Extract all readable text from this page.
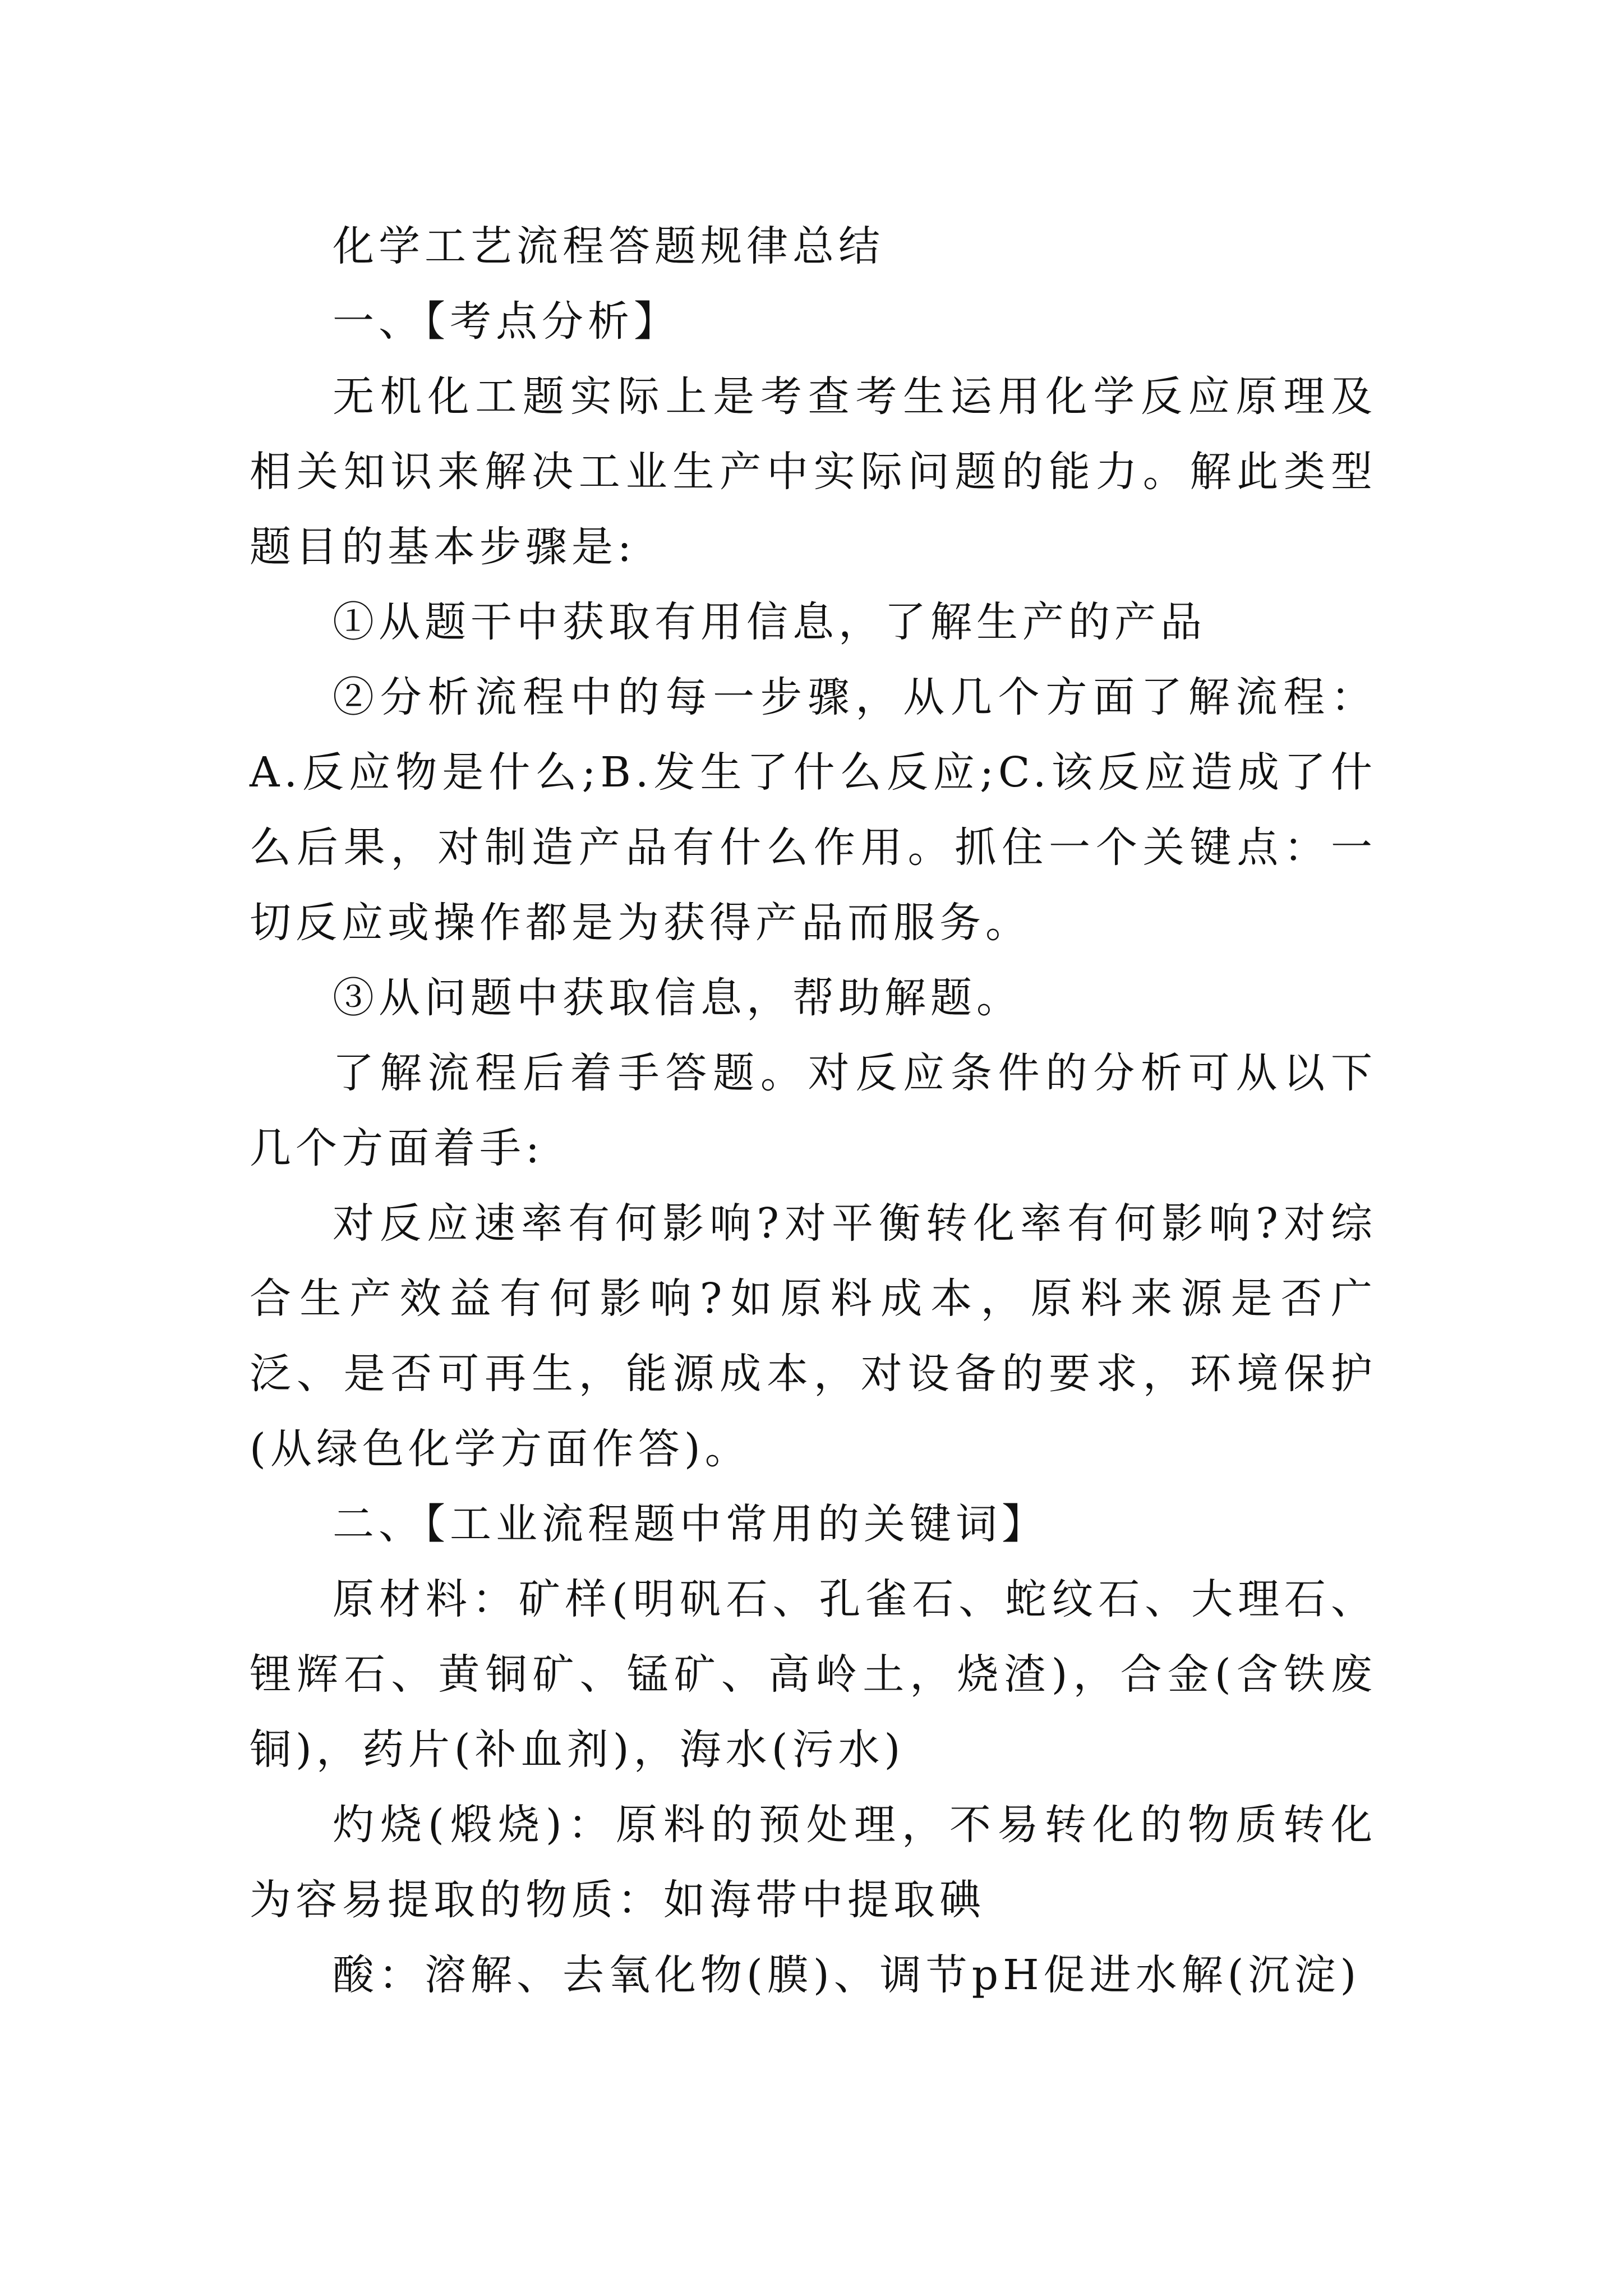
化学工艺流程答题规律总结

一、【考点分析】

无机化工题实际上是考查考生运用化学反应原理及相关知识来解决工业生产中实际问题的能力。解此类型题目的基本步骤是:

①从题干中获取有用信息，了解生产的产品

②分析流程中的每一步骤，从几个方面了解流程：A.反应物是什么;B.发生了什么反应;C.该反应造成了什么后果，对制造产品有什么作用。抓住一个关键点：一切反应或操作都是为获得产品而服务。

③从问题中获取信息，帮助解题。

了解流程后着手答题。对反应条件的分析可从以下几个方面着手:

对反应速率有何影响?对平衡转化率有何影响?对综合生产效益有何影响?如原料成本，原料来源是否广泛、是否可再生，能源成本，对设备的要求，环境保护(从绿色化学方面作答)。

二、【工业流程题中常用的关键词】

原材料：矿样(明矾石、孔雀石、蛇纹石、大理石、锂辉石、黄铜矿、锰矿、高岭土，烧渣)，合金(含铁废铜)，药片(补血剂)，海水(污水)

灼烧(煅烧)：原料的预处理，不易转化的物质转化为容易提取的物质：如海带中提取碘

酸：溶解、去氧化物(膜)、调节pH促进水解(沉淀)
